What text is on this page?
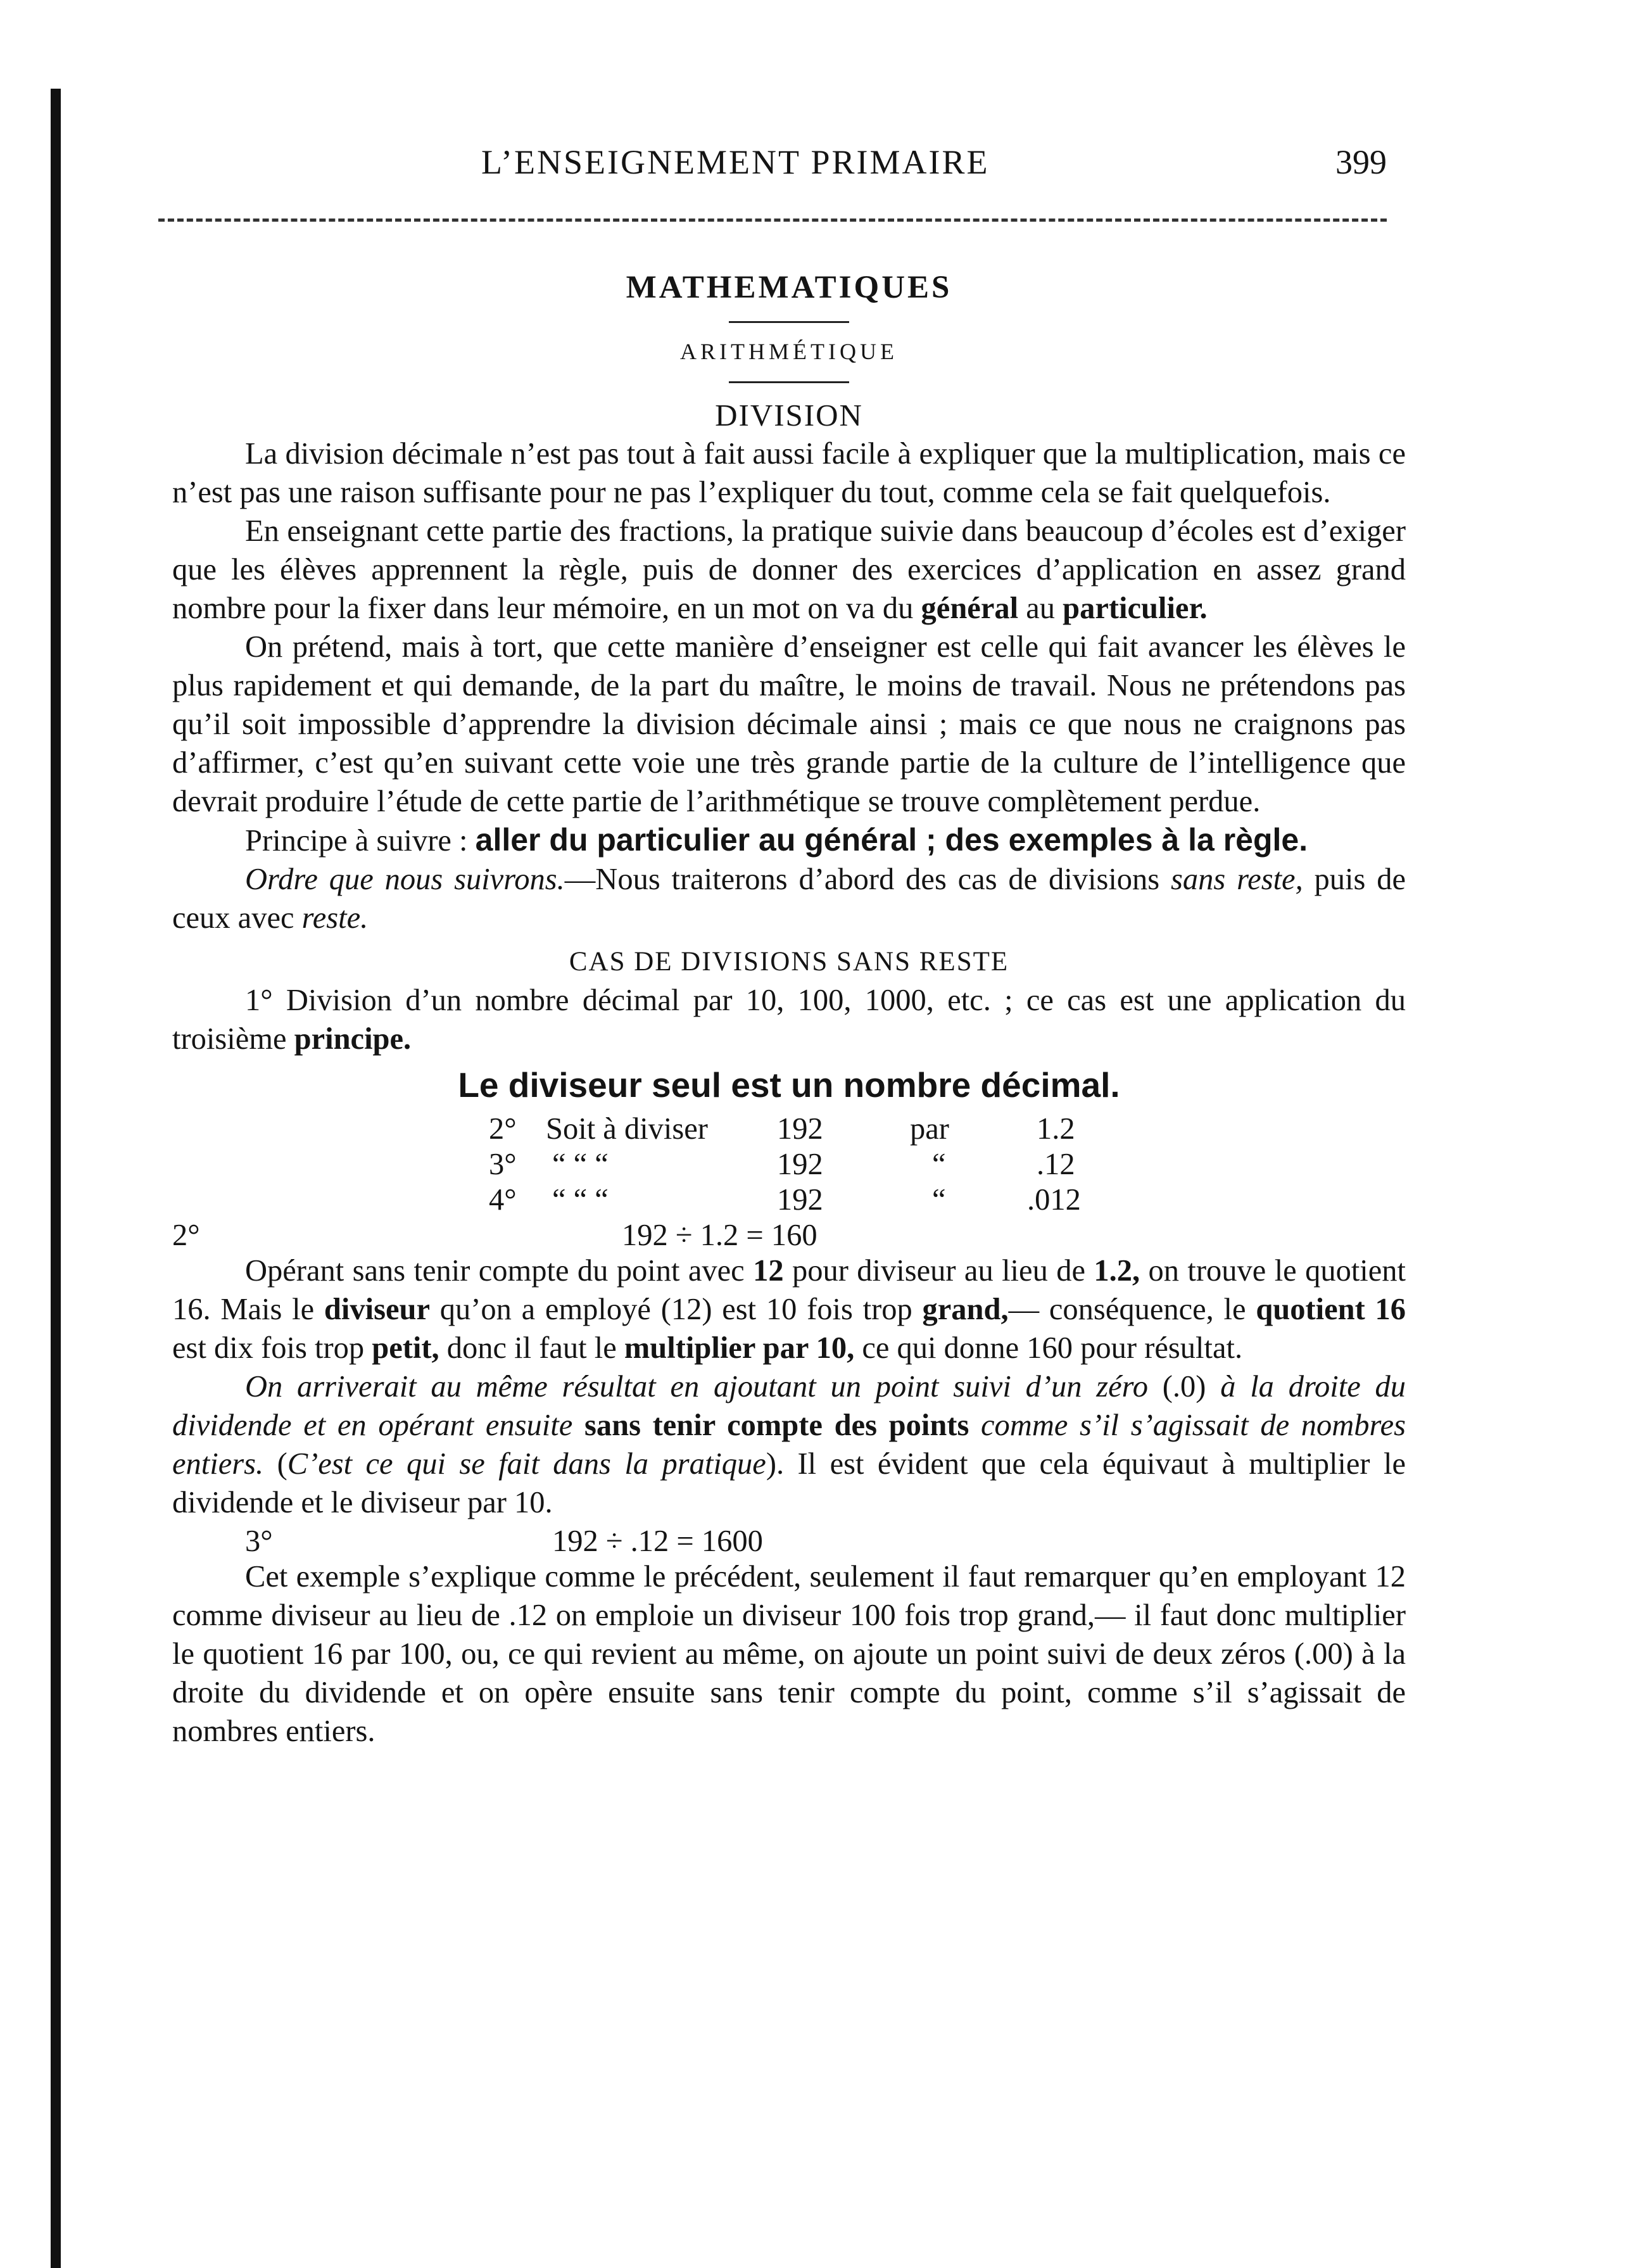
L’ENSEIGNEMENT PRIMAIRE	399

MATHEMATIQUES

ARITHMÉTIQUE

DIVISION

La division décimale n’est pas tout à fait aussi facile à expliquer que la multiplication, mais ce n’est pas une raison suffisante pour ne pas l’expliquer du tout, comme cela se fait quelquefois.

En enseignant cette partie des fractions, la pratique suivie dans beaucoup d’écoles est d’exiger que les élèves apprennent la règle, puis de donner des exercices d’application en assez grand nombre pour la fixer dans leur mémoire, en un mot on va du général au particulier.

On prétend, mais à tort, que cette manière d’enseigner est celle qui fait avancer les élèves le plus rapidement et qui demande, de la part du maître, le moins de travail. Nous ne prétendons pas qu’il soit impossible d’apprendre la division décimale ainsi ; mais ce que nous ne craignons pas d’affirmer, c’est qu’en suivant cette voie une très grande partie de la culture de l’intelligence que devrait produire l’étude de cette partie de l’arithmétique se trouve complètement perdue.

Principe à suivre : aller du particulier au général ; des exemples à la règle.

Ordre que nous suivrons.—Nous traiterons d’abord des cas de divisions sans reste, puis de ceux avec reste.

CAS DE DIVISIONS SANS RESTE

1° Division d’un nombre décimal par 10, 100, 1000, etc. ; ce cas est une application du troisième principe.

Le diviseur seul est un nombre décimal.

2° Soit à diviser 192	par	1.2
3° “ “ “	192	“	.12
4° “ “ “	192	“	.012
2°	192 ÷ 1.2 = 160

Opérant sans tenir compte du point avec 12 pour diviseur au lieu de 1.2, on trouve le quotient 16. Mais le diviseur qu’on a employé (12) est 10 fois trop grand,— conséquence, le quotient 16 est dix fois trop petit, donc il faut le multiplier par 10, ce qui donne 160 pour résultat.

On arriverait au même résultat en ajoutant un point suivi d’un zéro (.0) à la droite du dividende et en opérant ensuite sans tenir compte des points comme s’il s’agissait de nombres entiers. (C’est ce qui se fait dans la pratique). Il est évident que cela équivaut à multiplier le dividende et le diviseur par 10.

3°	192 ÷ .12 = 1600

Cet exemple s’explique comme le précédent, seulement il faut remarquer qu’en employant 12 comme diviseur au lieu de .12 on emploie un diviseur 100 fois trop grand,— il faut donc multiplier le quotient 16 par 100, ou, ce qui revient au même, on ajoute un point suivi de deux zéros (.00) à la droite du dividende et on opère ensuite sans tenir compte du point, comme s’il s’agissait de nombres entiers.
